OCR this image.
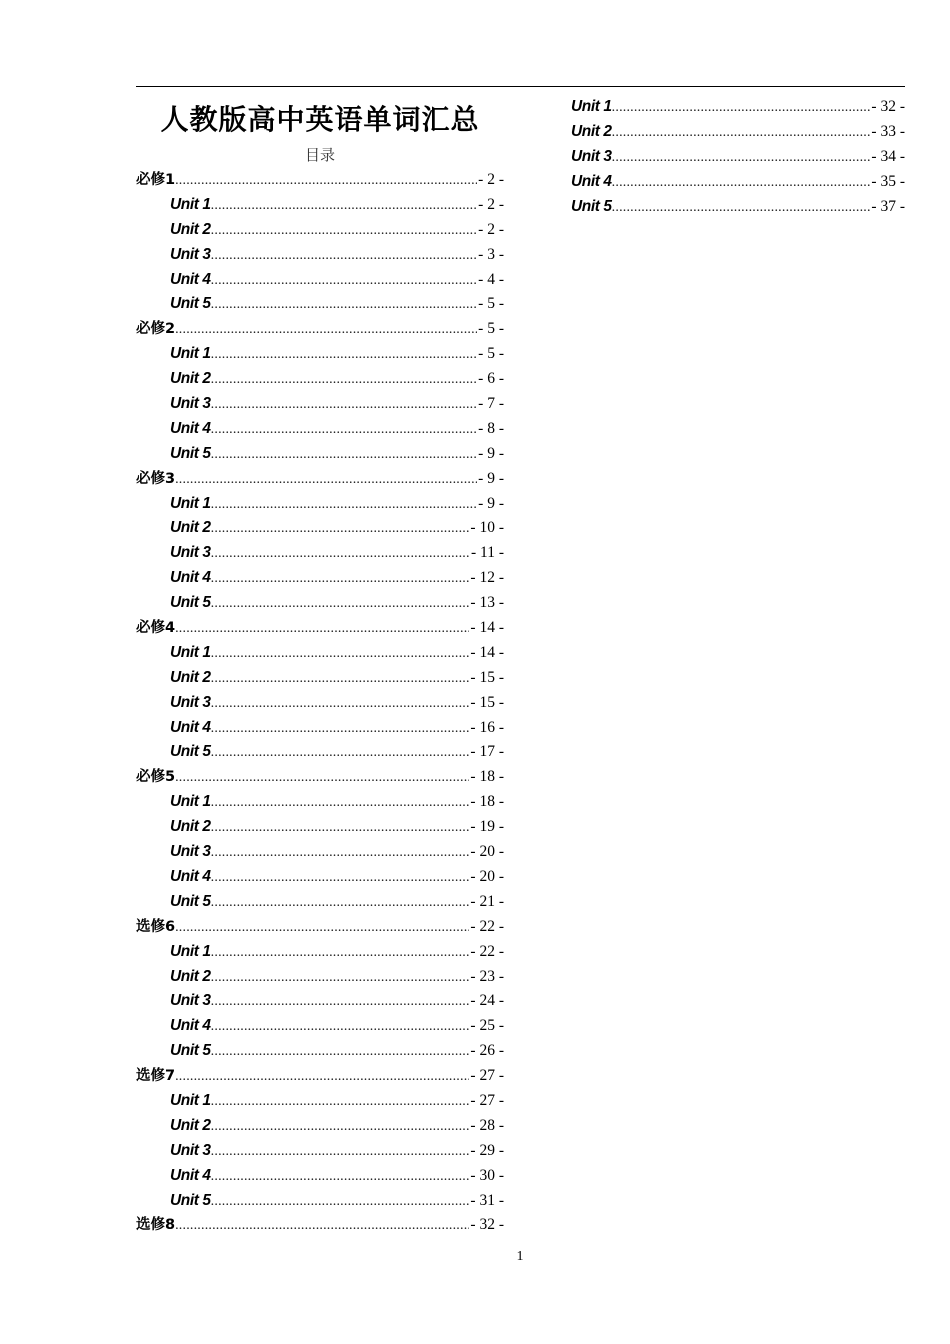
人教版高中英语单词汇总
目录
必修1 .....	- 2 -
Unit 1 .....	- 2 -
Unit 2 .....	- 2 -
Unit 3 .....	- 3 -
Unit 4 .....	- 4 -
Unit 5 .....	- 5 -
必修2 .....	- 5 -
Unit 1 .....	- 5 -
Unit 2 .....	- 6 -
Unit 3 .....	- 7 -
Unit 4 .....	- 8 -
Unit 5 .....	- 9 -
必修3 .....	- 9 -
Unit 1 .....	- 9 -
Unit 2 .....	- 10 -
Unit 3 .....	- 11 -
Unit 4 .....	- 12 -
Unit 5 .....	- 13 -
必修4 .....	- 14 -
Unit 1 .....	- 14 -
Unit 2 .....	- 15 -
Unit 3 .....	- 15 -
Unit 4 .....	- 16 -
Unit 5 .....	- 17 -
必修5 .....	- 18 -
Unit 1 .....	- 18 -
Unit 2 .....	- 19 -
Unit 3 .....	- 20 -
Unit 4 .....	- 20 -
Unit 5 .....	- 21 -
选修6 .....	- 22 -
Unit 1 .....	- 22 -
Unit 2 .....	- 23 -
Unit 3 .....	- 24 -
Unit 4 .....	- 25 -
Unit 5 .....	- 26 -
选修7 .....	- 27 -
Unit 1 .....	- 27 -
Unit 2 .....	- 28 -
Unit 3 .....	- 29 -
Unit 4 .....	- 30 -
Unit 5 .....	- 31 -
选修8 .....	- 32 -
Unit 1 .....	- 32 -
Unit 2 .....	- 33 -
Unit 3 .....	- 34 -
Unit 4 .....	- 35 -
Unit 5 .....	- 37 -
1
